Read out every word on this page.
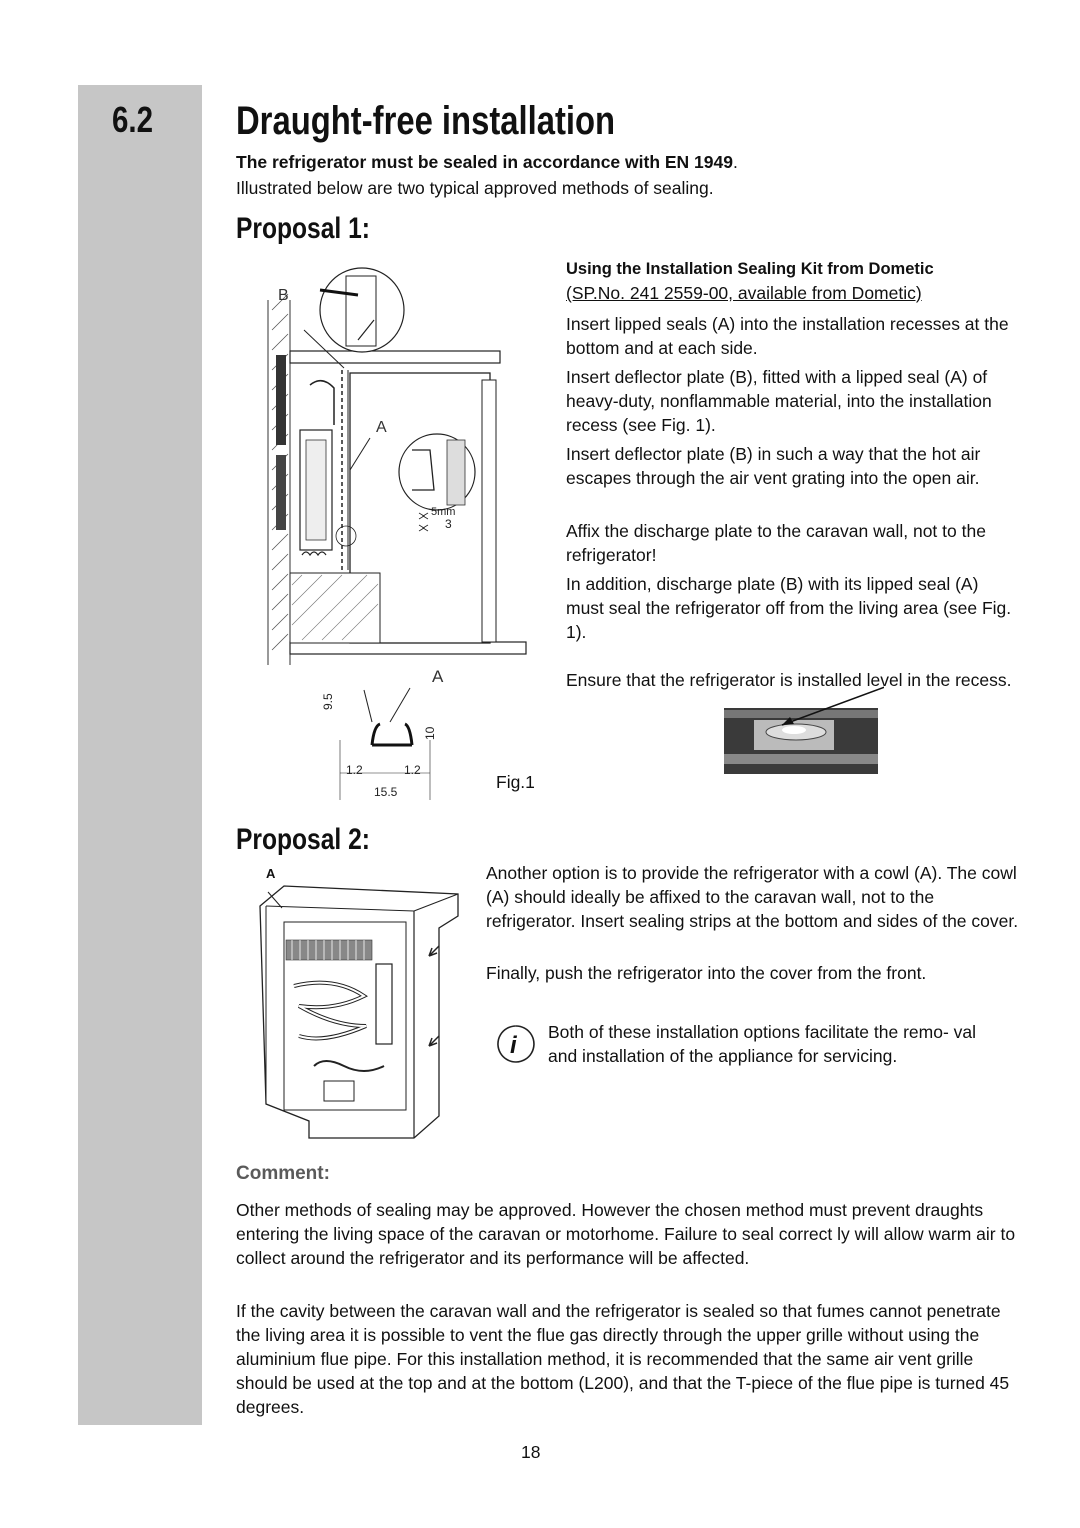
6.2 Draught-free installation
The refrigerator must be sealed in accordance with EN 1949.
Illustrated below are two typical approved methods of sealing.
Proposal 1:
B
A
5mm
3
A
9.5
10
1.2	1.2
15.5	Fig.1
Using the Installation Sealing Kit from Dometic
(SP.No. 241 2559-00, available from Dometic)
Insert lipped seals (A) into the installation recesses at the bottom and at each side.
Insert deflector plate (B), fitted with a lipped seal (A) of heavy-duty, nonflammable material, into the installation recess (see Fig. 1).
Insert deflector plate (B) in such a way that the hot air escapes through the air vent grating into the open air.
Affix the discharge plate to the caravan wall, not to the refrigerator!
In addition, discharge plate (B) with its lipped seal (A) must seal the refrigerator off from the living area (see Fig. 1).
Ensure that the refrigerator is installed level in the recess.
Proposal 2:
A	Another option is to provide the refrigerator with a cowl (A). The cowl (A) should ideally be affixed to the caravan wall, not to the refrigerator. Insert sealing strips at the bottom and sides of the cover.
Finally, push the refrigerator into the cover from the front.
i Both of these installation options facilitate the remo- val and installation of the appliance for servicing.
Comment:
Other methods of sealing may be approved. However the chosen method must prevent draughts entering the living space of the caravan or motorhome. Failure to seal correct ly will allow warm air to collect around the refrigerator and its performance will be affected.
If the cavity between the caravan wall and the refrigerator is sealed so that fumes cannot penetrate the living area it is possible to vent the flue gas directly through the upper grille without using the aluminium flue pipe. For this installation method, it is recommended that the same air vent grille should be used at the top and at the bottom (L200), and that the T-piece of the flue pipe is turned 45 degrees.
18
